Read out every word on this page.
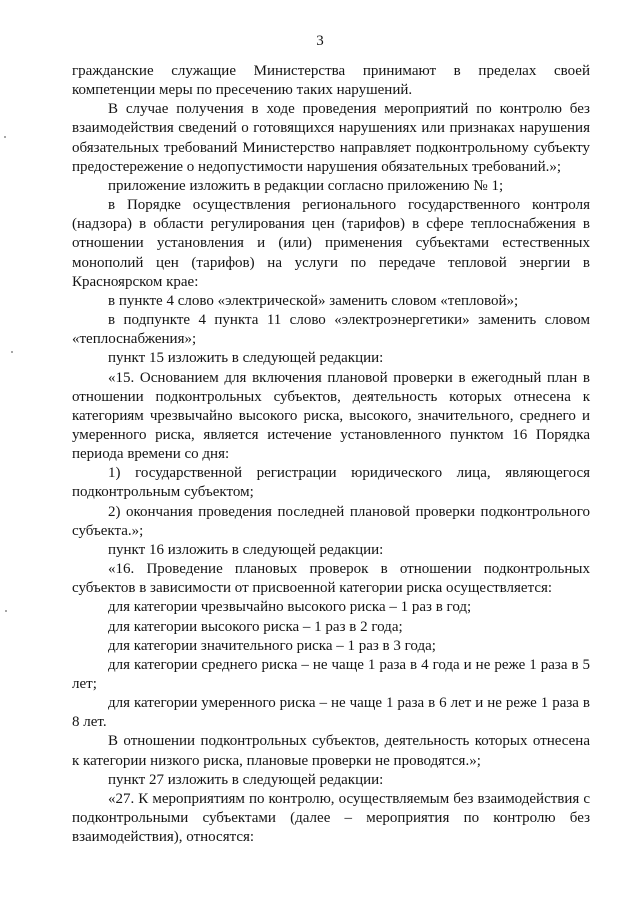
3

гражданские служащие Министерства принимают в пределах своей компетенции меры по пресечению таких нарушений.

В случае получения в ходе проведения мероприятий по контролю без взаимодействия сведений о готовящихся нарушениях или признаках нарушения обязательных требований Министерство направляет подконтрольному субъекту предостережение о недопустимости нарушения обязательных требований.»;

приложение изложить в редакции согласно приложению № 1;

в Порядке осуществления регионального государственного контроля (надзора) в области регулирования цен (тарифов) в сфере теплоснабжения в отношении установления и (или) применения субъектами естественных монополий цен (тарифов) на услуги по передаче тепловой энергии в Красноярском крае:

в пункте 4 слово «электрической» заменить словом «тепловой»;

в подпункте 4 пункта 11 слово «электроэнергетики» заменить словом «теплоснабжения»;

пункт 15 изложить в следующей редакции:

«15. Основанием для включения плановой проверки в ежегодный план в отношении подконтрольных субъектов, деятельность которых отнесена к категориям чрезвычайно высокого риска, высокого, значительного, среднего и умеренного риска, является истечение установленного пунктом 16 Порядка периода времени со дня:

1) государственной регистрации юридического лица, являющегося подконтрольным субъектом;

2) окончания проведения последней плановой проверки подконтрольного субъекта.»;

пункт 16 изложить в следующей редакции:

«16. Проведение плановых проверок в отношении подконтрольных субъектов в зависимости от присвоенной категории риска осуществляется:

для категории чрезвычайно высокого риска – 1 раз в год;

для категории высокого риска – 1 раз в 2 года;

для категории значительного риска – 1 раз в 3 года;

для категории среднего риска – не чаще 1 раза в 4 года и не реже 1 раза в 5 лет;

для категории умеренного риска – не чаще 1 раза в 6 лет и не реже 1 раза в 8 лет.

В отношении подконтрольных субъектов, деятельность которых отнесена к категории низкого риска, плановые проверки не проводятся.»;

пункт 27 изложить в следующей редакции:

«27. К мероприятиям по контролю, осуществляемым без взаимодействия с подконтрольными субъектами (далее – мероприятия по контролю без взаимодействия), относятся:
